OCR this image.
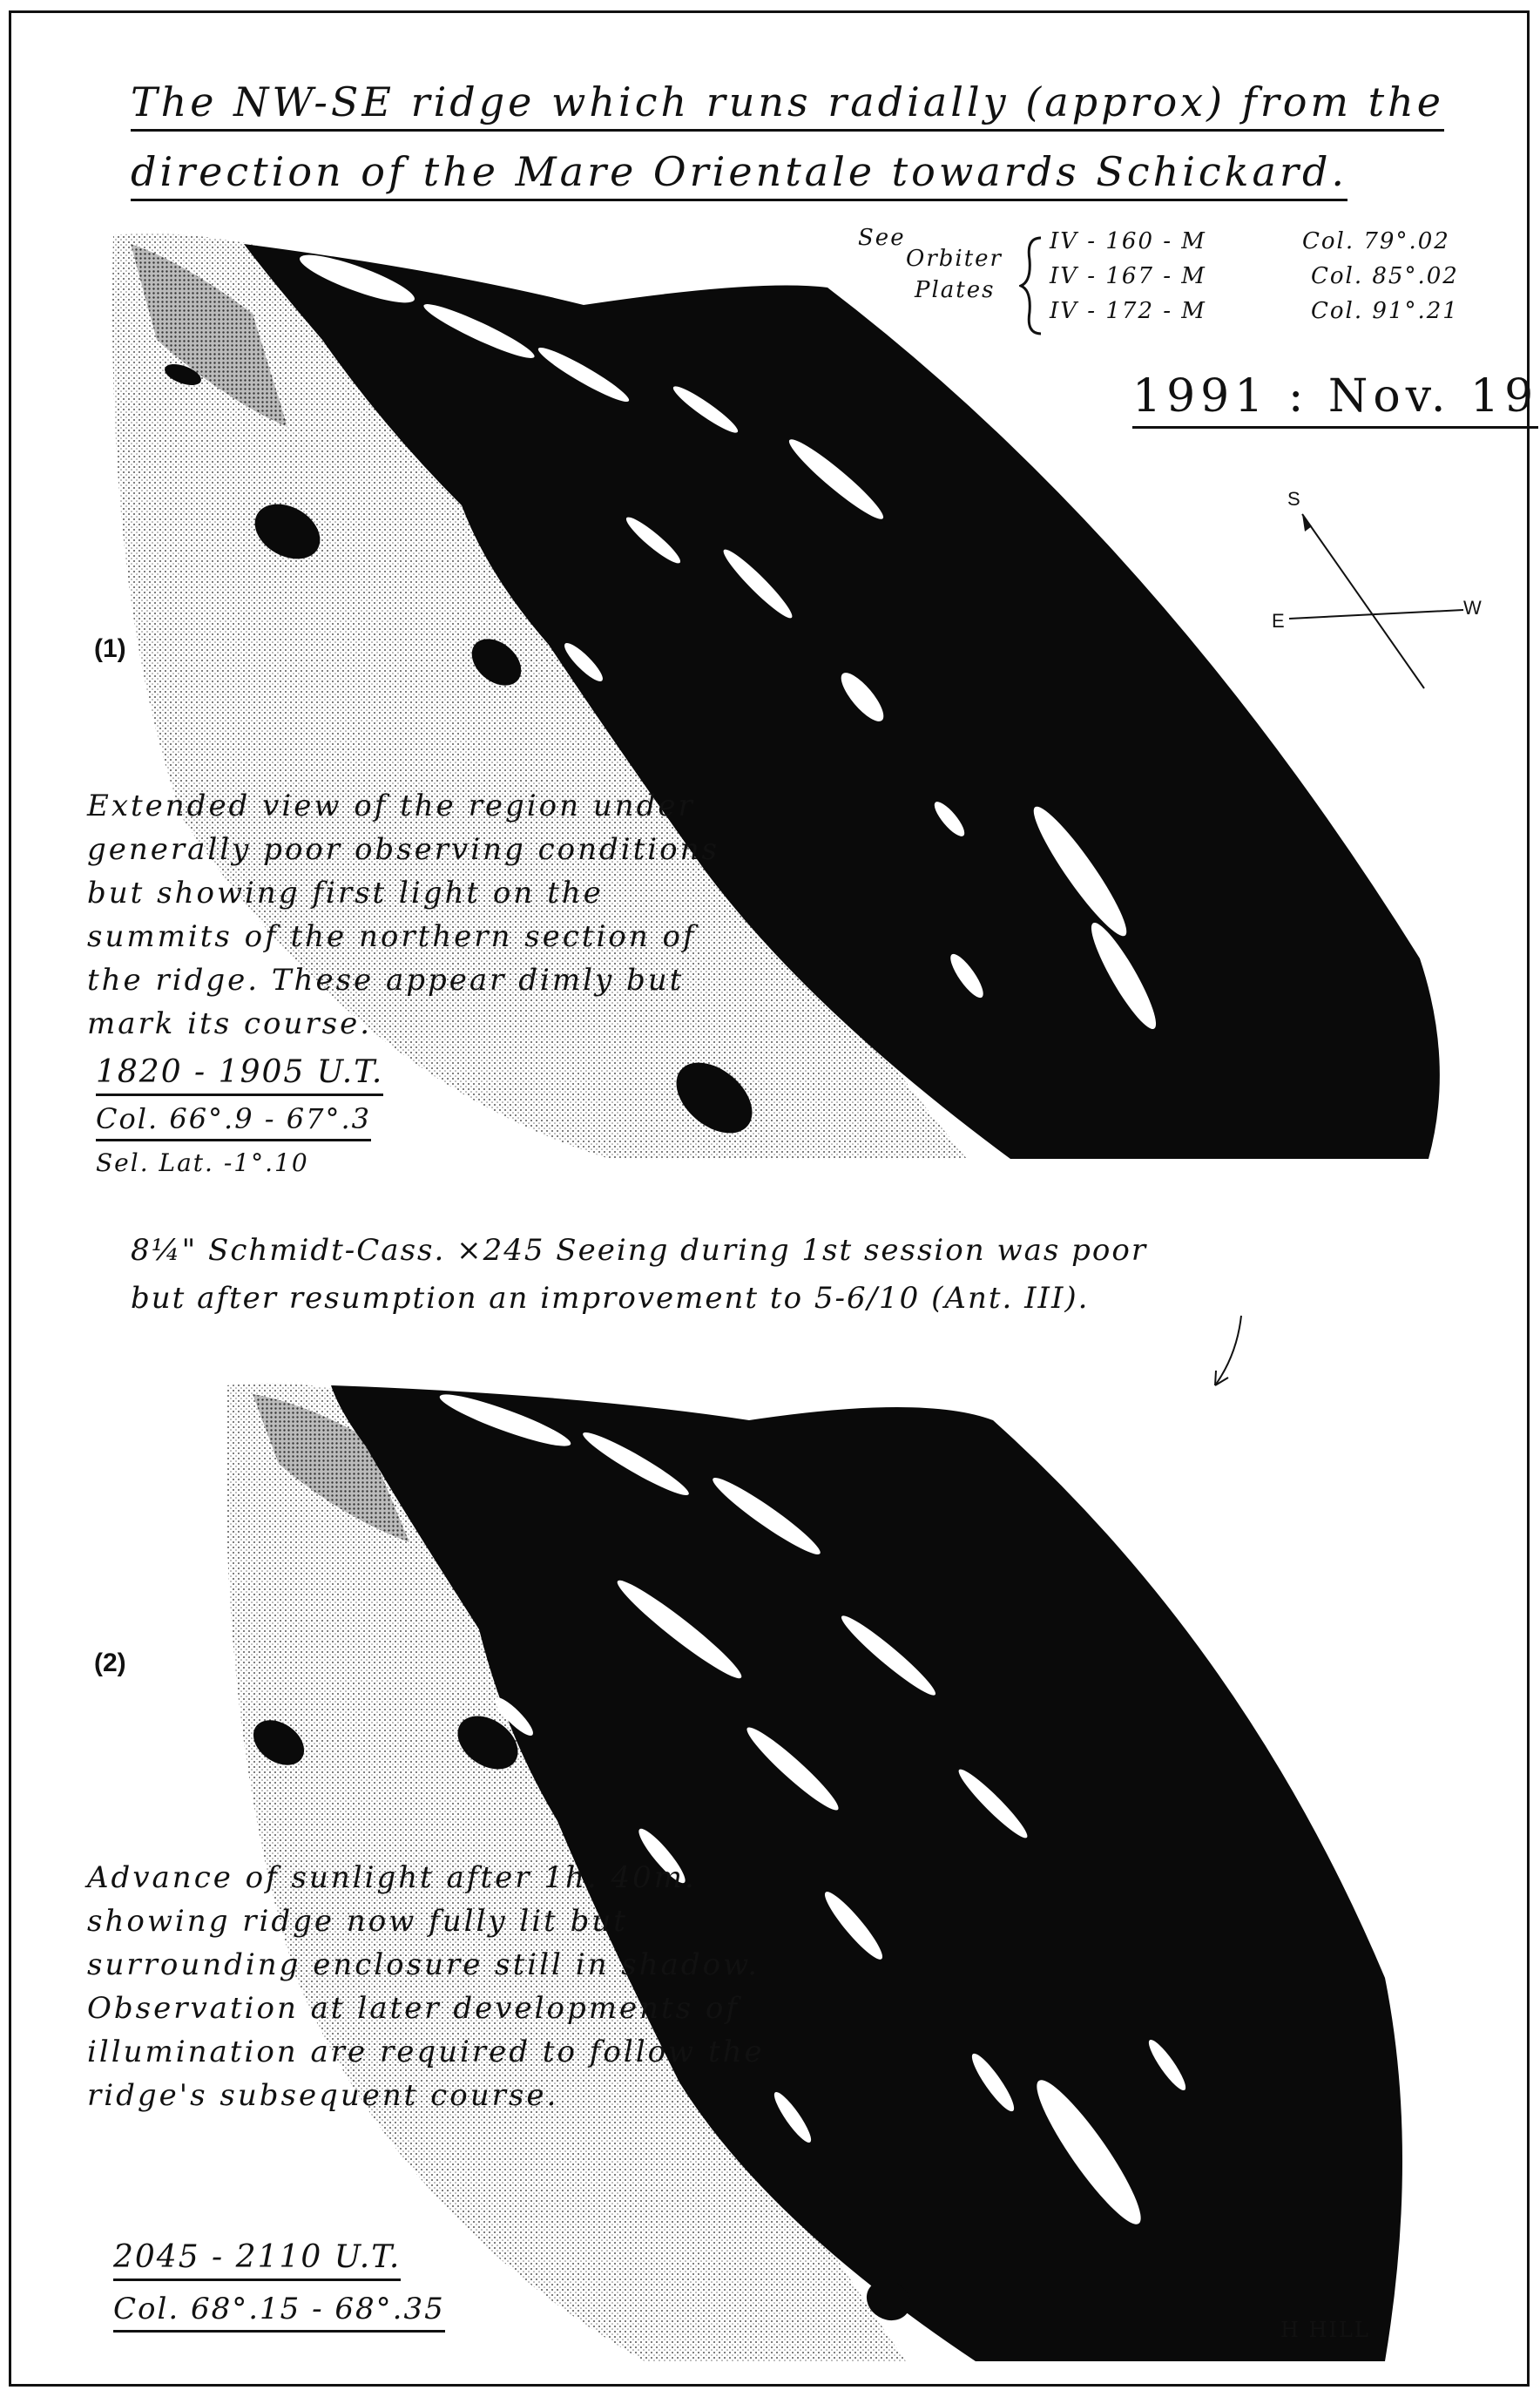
The NW-SE ridge which runs radially (approx) from the
direction of the Mare Orientale towards Schickard.
See
Orbiter
Plates
IV - 160 - M	Col. 79°.02
IV - 167 - M	Col. 85°.02
IV - 172 - M	Col. 91°.21
1991 : Nov. 19
S
E
W
(1)
Extended view of the region under generally poor observing conditions but showing first light on the summits of the northern section of the ridge. These appear dimly but mark its course.
1820 - 1905 U.T.
Col. 66°.9 - 67°.3
Sel. Lat. -1°.10
8¼" Schmidt-Cass. ×245 Seeing during 1st session was poor
but after resumption an improvement to 5-6/10 (Ant. III).
(2)
Advance of sunlight after 1h. 40m. showing ridge now fully lit but surrounding enclosure still in shadow. Observation at later developments of illumination are required to follow the ridge's subsequent course.
2045 - 2110 U.T.
Col. 68°.15 - 68°.35
H HILL
